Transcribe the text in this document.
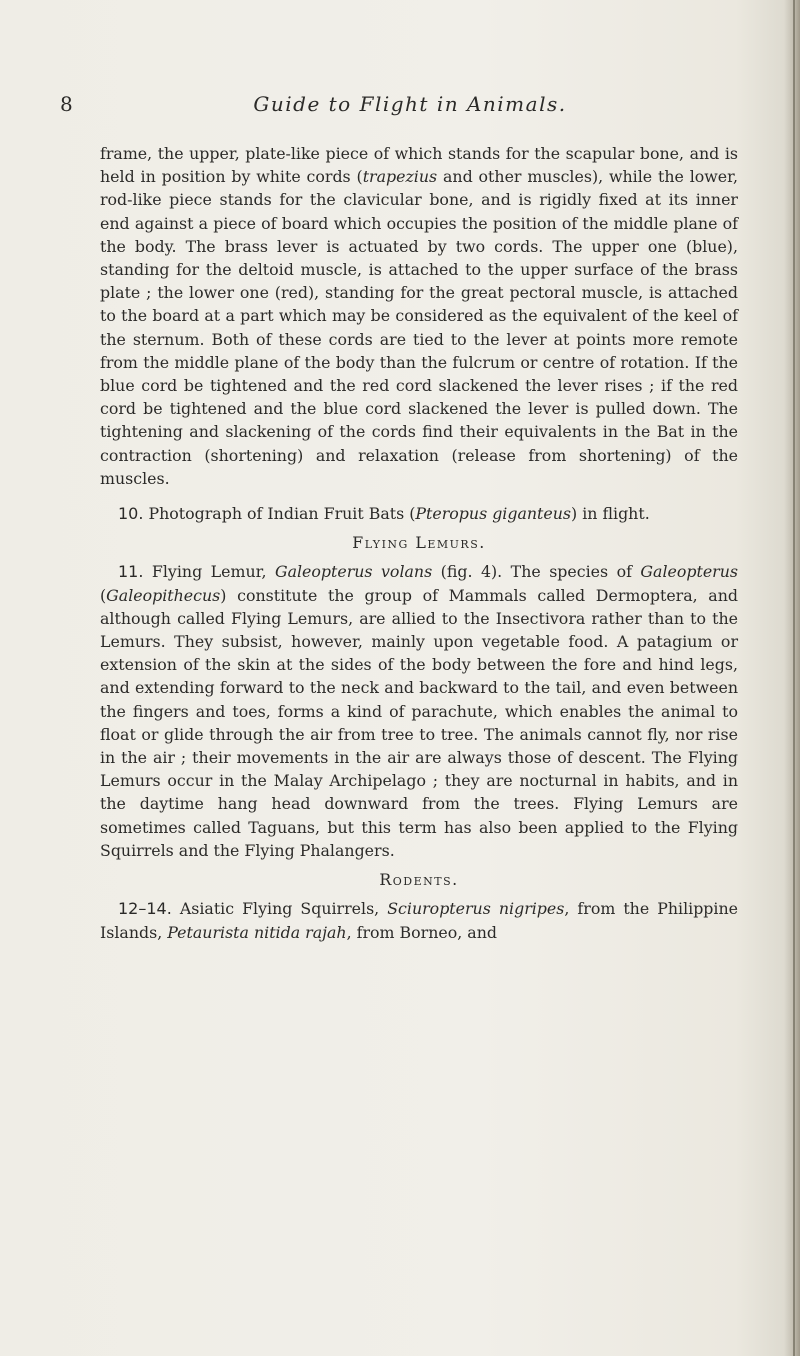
8	Guide to Flight in Animals.

frame, the upper, plate-like piece of which stands for the scapular bone, and is held in position by white cords (trapezius and other muscles), while the lower, rod-like piece stands for the clavicular bone, and is rigidly fixed at its inner end against a piece of board which occupies the position of the middle plane of the body. The brass lever is actuated by two cords. The upper one (blue), standing for the deltoid muscle, is attached to the upper surface of the brass plate ; the lower one (red), standing for the great pectoral muscle, is attached to the board at a part which may be considered as the equivalent of the keel of the sternum. Both of these cords are tied to the lever at points more remote from the middle plane of the body than the fulcrum or centre of rotation. If the blue cord be tightened and the red cord slackened the lever rises ; if the red cord be tightened and the blue cord slackened the lever is pulled down. The tightening and slackening of the cords find their equivalents in the Bat in the contraction (shortening) and relaxation (release from shortening) of the muscles.

10. Photograph of Indian Fruit Bats (Pteropus giganteus) in flight.

Flying Lemurs.

11. Flying Lemur, Galeopterus volans (fig. 4). The species of Galeopterus (Galeopithecus) constitute the group of Mammals called Dermoptera, and although called Flying Lemurs, are allied to the Insectivora rather than to the Lemurs. They subsist, however, mainly upon vegetable food. A patagium or extension of the skin at the sides of the body between the fore and hind legs, and extending forward to the neck and backward to the tail, and even between the fingers and toes, forms a kind of parachute, which enables the animal to float or glide through the air from tree to tree. The animals cannot fly, nor rise in the air ; their movements in the air are always those of descent. The Flying Lemurs occur in the Malay Archipelago ; they are nocturnal in habits, and in the daytime hang head downward from the trees. Flying Lemurs are sometimes called Taguans, but this term has also been applied to the Flying Squirrels and the Flying Phalangers.

Rodents.

12–14. Asiatic Flying Squirrels, Sciuropterus nigripes, from the Philippine Islands, Petaurista nitida rajah, from Borneo, and
